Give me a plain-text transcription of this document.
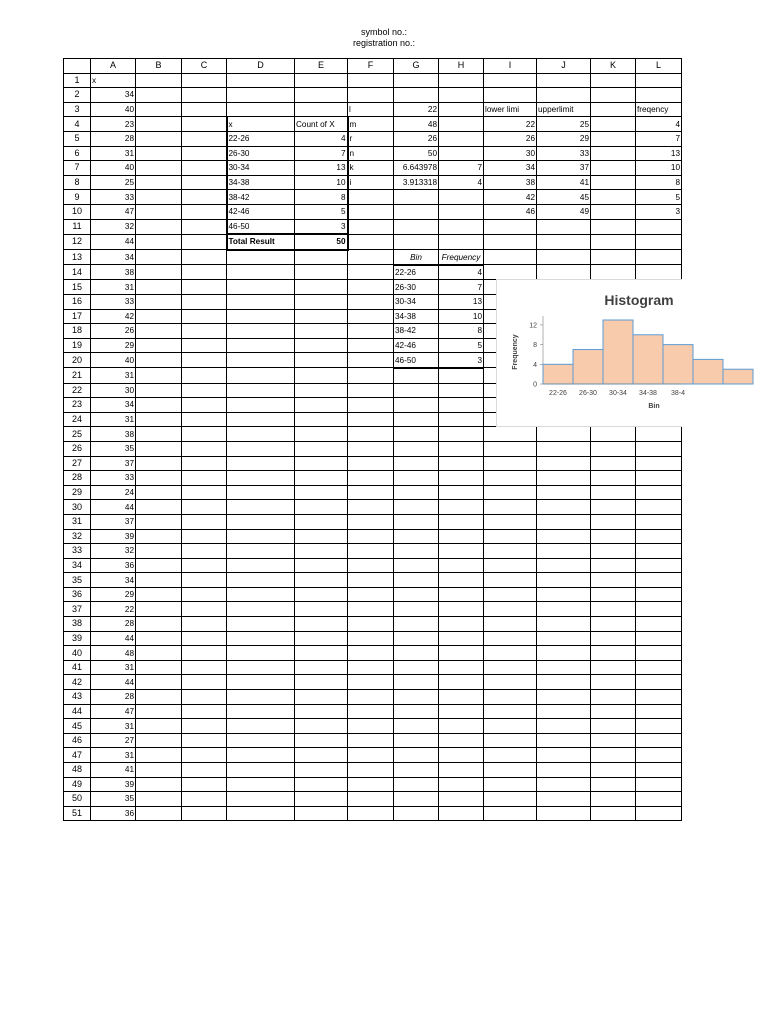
symbol no.:
registration no.:
	A	B	C	D	E	F	G	H	I	J	K	L
1	x											
2	34											
3	40					l	22		lower limi	upperlimit		freqency
4	23			x	Count of X	m	48		22	25		4
5	28			22-26	4	r	26		26	29		7
6	31			26-30	7	n	50		30	33		13
7	40			30-34	13	k	6.643978	7	34	37		10
8	25			34-38	10	i	3.913318	4	38	41		8
9	33			38-42	8				42	45		5
10	47			42-46	5				46	49		3
11	32			46-50	3							
12	44			Total Result	50							
13	34						Bin	Frequency				
14	38						22-26	4				
15	31						26-30	7				
16	33						30-34	13				
17	42						34-38	10				
18	26						38-42	8				
19	29						42-46	5				
20	40						46-50	3				
21	31											
22	30											
23	34											
24	31											
25	38											
26	35											
27	37											
28	33											
29	24											
30	44											
31	37											
32	39											
33	32											
34	36											
35	34											
36	29											
37	22											
38	28											
39	44											
40	48											
41	31											
42	44											
43	28											
44	47											
45	31											
46	27											
47	31											
48	41											
49	39											
50	35											
51	36											
Histogram
Frequency
0
4
8
12
22-26 26-30 30-34 34-38 38-4
Bin
